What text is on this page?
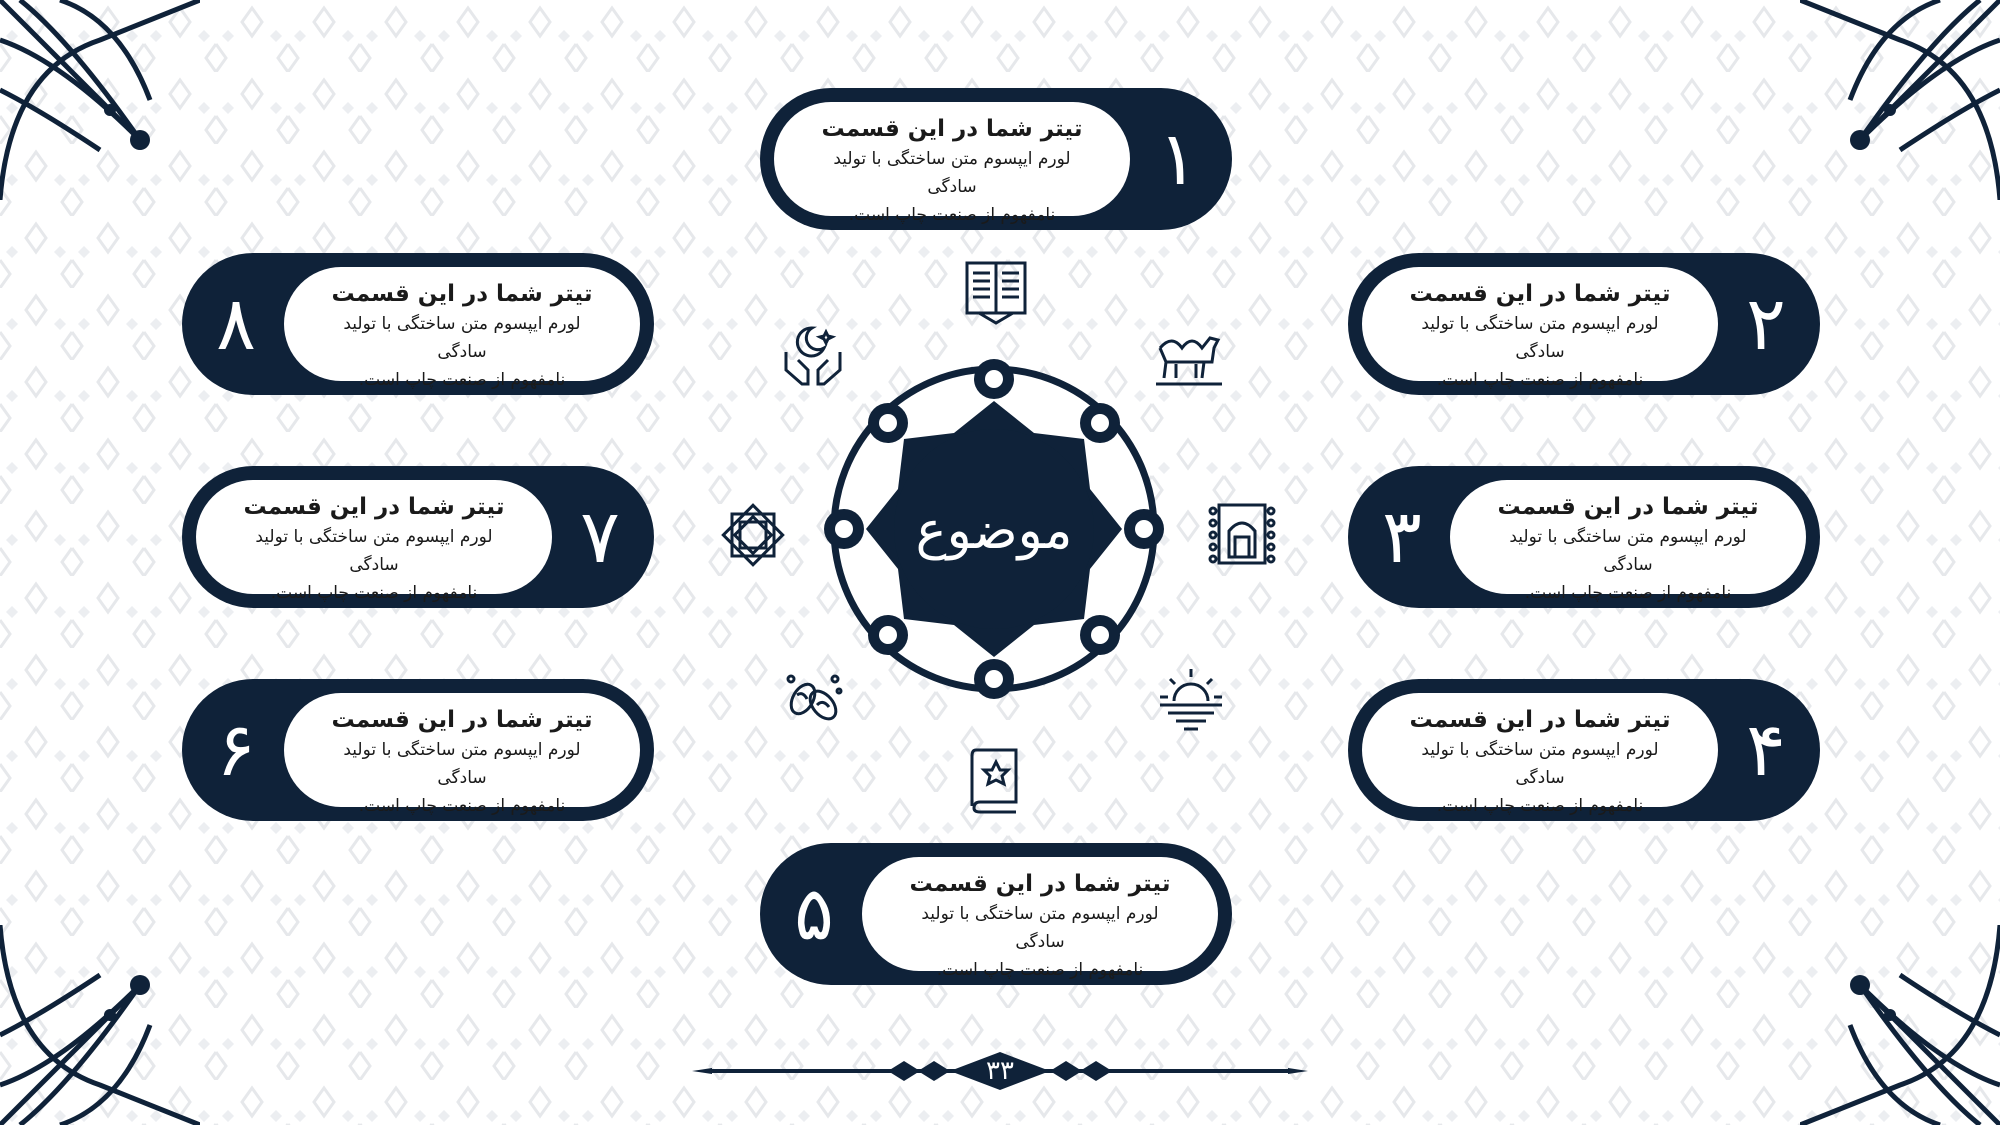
تیتر شما در این قسمت
لورم ایپسوم متن ساختگی با تولید سادگی
نامفهوم از صنعت چاپ است.
۱
تیتر شما در این قسمت
لورم ایپسوم متن ساختگی با تولید سادگی
نامفهوم از صنعت چاپ است.
۲
تیتر شما در این قسمت
لورم ایپسوم متن ساختگی با تولید سادگی
نامفهوم از صنعت چاپ است.
۳
تیتر شما در این قسمت
لورم ایپسوم متن ساختگی با تولید سادگی
نامفهوم از صنعت چاپ است.
۴
تیتر شما در این قسمت
لورم ایپسوم متن ساختگی با تولید سادگی
نامفهوم از صنعت چاپ است.
۵
تیتر شما در این قسمت
لورم ایپسوم متن ساختگی با تولید سادگی
نامفهوم از صنعت چاپ است.
۶
تیتر شما در این قسمت
لورم ایپسوم متن ساختگی با تولید سادگی
نامفهوم از صنعت چاپ است.
۷
تیتر شما در این قسمت
لورم ایپسوم متن ساختگی با تولید سادگی
نامفهوم از صنعت چاپ است.
۸
موضوع
۳۳
